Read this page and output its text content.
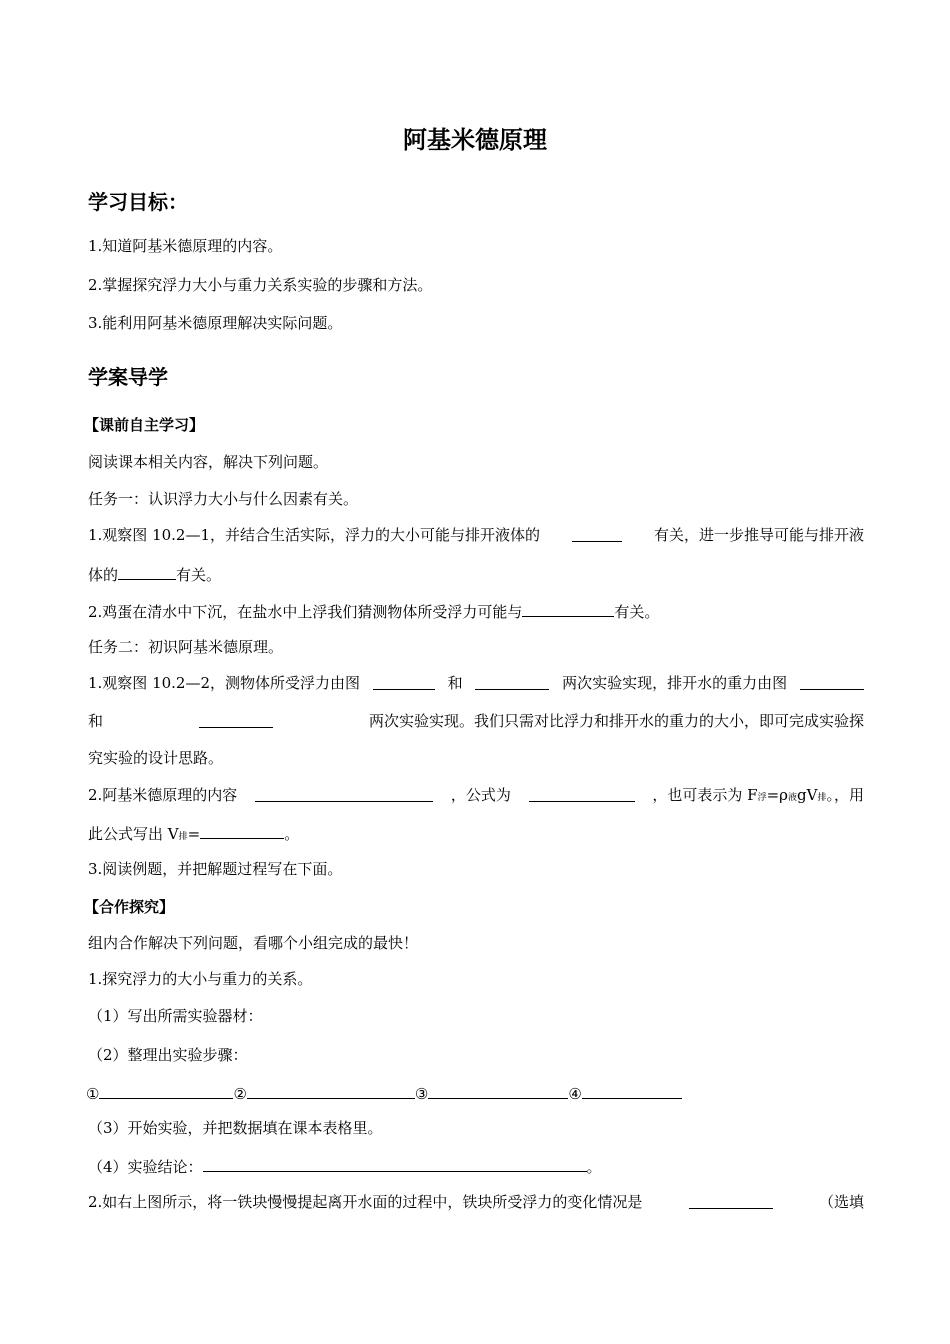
阿基米德原理
学习目标：
1.知道阿基米德原理的内容。
2.掌握探究浮力大小与重力关系实验的步骤和方法。
3.能利用阿基米德原理解决实际问题。
学案导学
【课前自主学习】
阅读课本相关内容，解决下列问题。
任务一：认识浮力大小与什么因素有关。
1.观察图 10.2—1，并结合生活实际，浮力的大小可能与排开液体的	有关，进一步推导可能与排开液
体的	有关。
2.鸡蛋在清水中下沉，在盐水中上浮我们猜测物体所受浮力可能与	有关。
任务二：初识阿基米德原理。
1.观察图 10.2—2，测物体所受浮力由图	和	两次实验实现，排开水的重力由图
和	两次实验实现。我们只需对比浮力和排开水的重力的大小，即可完成实验探
究实验的设计思路。
2.阿基米德原理的内容	，公式为	，也可表示为 F浮=ρ液gV排。，用
此公式写出 V排=	。
3.阅读例题，并把解题过程写在下面。
【合作探究】
组内合作解决下列问题，看哪个小组完成的最快！
1.探究浮力的大小与重力的关系。
（1）写出所需实验器材：
（2）整理出实验步骤：
①	②	③	④
（3）开始实验，并把数据填在课本表格里。
（4）实验结论：	。
2.如右上图所示，将一铁块慢慢提起离开水面的过程中，铁块所受浮力的变化情况是	（选填
